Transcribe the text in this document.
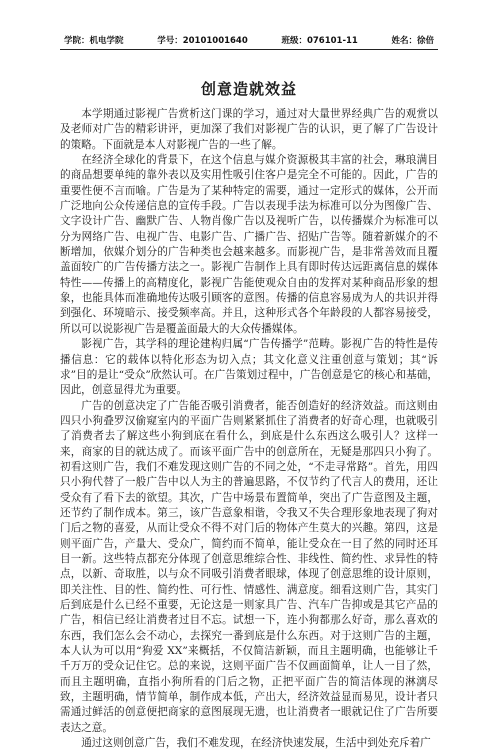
学院：机电学院	学号：20101001640	班级：076101-11	姓名：徐倍
创意造就效益

本学期通过影视广告赏析这门课的学习，通过对大量世界经典广告的观赏以及老师对广告的精彩讲评，更加深了我们对影视广告的认识，更了解了广告设计的策略。下面就是本人对影视广告的一些了解。

在经济全球化的背景下，在这个信息与媒介资源极其丰富的社会，琳琅满目的商品想要单纯的靠外表以及实用性吸引住客户是完全不可能的。因此，广告的重要性便不言而喻。广告是为了某种特定的需要，通过一定形式的媒体，公开而广泛地向公众传递信息的宣传手段。广告以表现手法为标准可以分为图像广告、文字设计广告、幽默广告、人物肖像广告以及视听广告，以传播媒介为标准可以分为网络广告、电视广告、电影广告、广播广告、招贴广告等。随着新媒介的不断增加，依媒介划分的广告种类也会越来越多。而影视广告，是非常善效而且覆盖面较广的广告传播方法之一。影视广告制作上具有即时传达远距离信息的媒体特性——传播上的高精度化，影视广告能使观众自由的发挥对某种商品形象的想象，也能具体而准确地传达吸引顾客的意图。传播的信息容易成为人的共识并得到强化、环境暗示、接受频率高。并且，这种形式各个年龄段的人都容易接受，所以可以说影视广告是覆盖面最大的大众传播媒体。

影视广告，其学科的理论建构归属“广告传播学”范畴。影视广告的特性是传播信息：它的载体以特化形态为切入点；其文化意义注重创意与策划；其“诉求”目的是让“受众”欣然认可。在广告策划过程中，广告创意是它的核心和基础，因此，创意显得尤为重要。

广告的创意决定了广告能否吸引消费者，能否创造好的经济效益。而这则由四只小狗叠罗汉偷窥室内的平面广告则紧紧抓住了消费者的好奇心理，也就吸引了消费者去了解这些小狗到底在看什么，到底是什么东西这么吸引人？这样一来，商家的目的就达成了。而该平面广告中的创意所在，无疑是那四只小狗了。初看这则广告，我们不难发现这则广告的不同之处，“不走寻常路”。首先，用四只小狗代替了一般广告中以人为主的普遍思路，不仅节约了代言人的费用，还让受众有了看下去的欲望。其次，广告中场景布置简单，突出了广告意图及主题，还节约了制作成本。第三，该广告意象相谐，令我又不失合理形象地表现了狗对门后之物的喜爱，从而让受众不得不对门后的物体产生莫大的兴趣。第四，这是则平面广告，产量大、受众广，简约而不简单，能让受众在一目了然的同时还耳目一新。这些特点都充分体现了创意思维综合性、非线性、简约性、求异性的特点，以新、奇取胜，以与众不同吸引消费者眼球，体现了创意思维的设计原则，即关注性、目的性、简约性、可行性、情感性、满意度。细看这则广告，其实门后到底是什么已经不重要，无论这是一则家具广告、汽车广告抑或是其它产品的广告，相信已经让消费者过目不忘。试想一下，连小狗都那么好奇，那么喜欢的东西，我们怎么会不动心，去探究一番到底是什么东西。对于这则广告的主题，本人认为可以用“狗爱 XX”来概括，不仅简洁新颖，而且主题明确，也能够让千千万万的受众记住它。总的来说，这则平面广告不仅画面简单，让人一目了然，而且主题明确，直指小狗所看的门后之物，正把平面广告的简洁体现的淋漓尽致，主题明确，情节简单，制作成本低，产出大，经济效益显而易见，设计者只需通过鲜活的创意便把商家的意图展现无遗，也让消费者一眼就记住了广告所要表达之意。

通过这则创意广告，我们不难发现，在经济快速发展，生活中到处充斥着广
